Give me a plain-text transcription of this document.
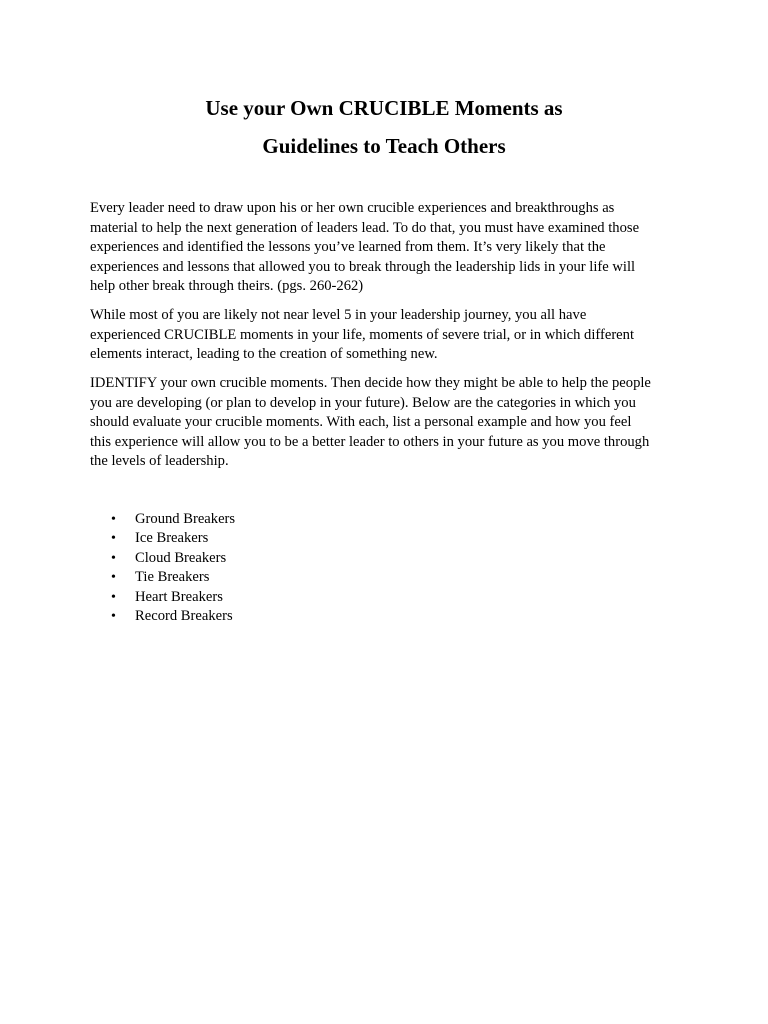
Use your Own CRUCIBLE Moments as
Guidelines to Teach Others

Every leader need to draw upon his or her own crucible experiences and breakthroughs as
material to help the next generation of leaders lead. To do that, you must have examined those
experiences and identified the lessons you’ve learned from them. It’s very likely that the
experiences and lessons that allowed you to break through the leadership lids in your life will
help other break through theirs. (pgs. 260-262)

While most of you are likely not near level 5 in your leadership journey, you all have
experienced CRUCIBLE moments in your life, moments of severe trial, or in which different
elements interact, leading to the creation of something new.

IDENTIFY your own crucible moments. Then decide how they might be able to help the people
you are developing (or plan to develop in your future). Below are the categories in which you
should evaluate your crucible moments. With each, list a personal example and how you feel
this experience will allow you to be a better leader to others in your future as you move through
the levels of leadership.

• Ground Breakers
• Ice Breakers
• Cloud Breakers
• Tie Breakers
• Heart Breakers
• Record Breakers
